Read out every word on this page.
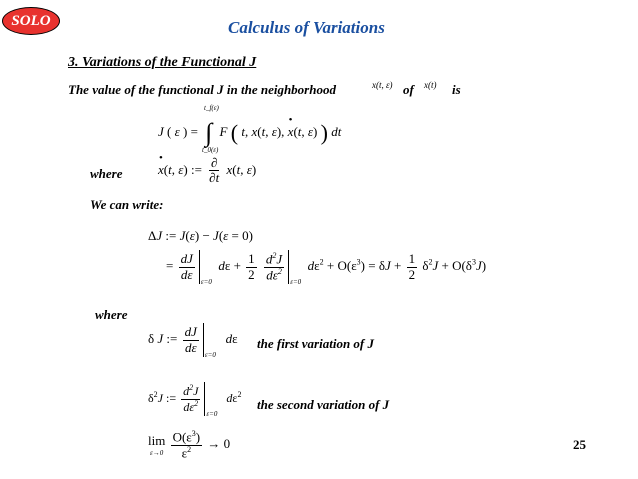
SOLO	Calculus of Variations
3. Variations of the Functional J
The value of the functional J in the neighborhood	x(t, ε) of x(t) is
J ( ε ) = ∫ F ( t, x(t, ε), • x(t, ε) ) dt
t_f(ε)
t_0(ε)
where
•	x(t, ε) := $\frac{\partial}{\partial t} x(t$, ε)
We can write:
ΔJ := J(ε) − J(ε = 0)
= $\frac{dJ}{d\varepsilon}$
$_{\varepsilon=0}$  $d\varepsilon + \frac{1}{2}$
$\frac{d^2J}{d\varepsilon^2} _{\varepsilon=0}$  $d\varepsilon^2 + O(\varepsilon^3) = \delta J + \frac{1}{2} \delta^2J + O(\delta^3J)$
where
δ J := $\frac{dJ}{d\varepsilon}$
$_{\varepsilon=0}$   dε the first variation of J
$\delta^2J$ := $\frac{d^2J}{d\varepsilon^2}$
$_{\varepsilon=0}$   $d\varepsilon^2$
the second variation of J
lim
ε→0
$\frac{O(\varepsilon^3)}{\varepsilon^2} \to 0$	25
